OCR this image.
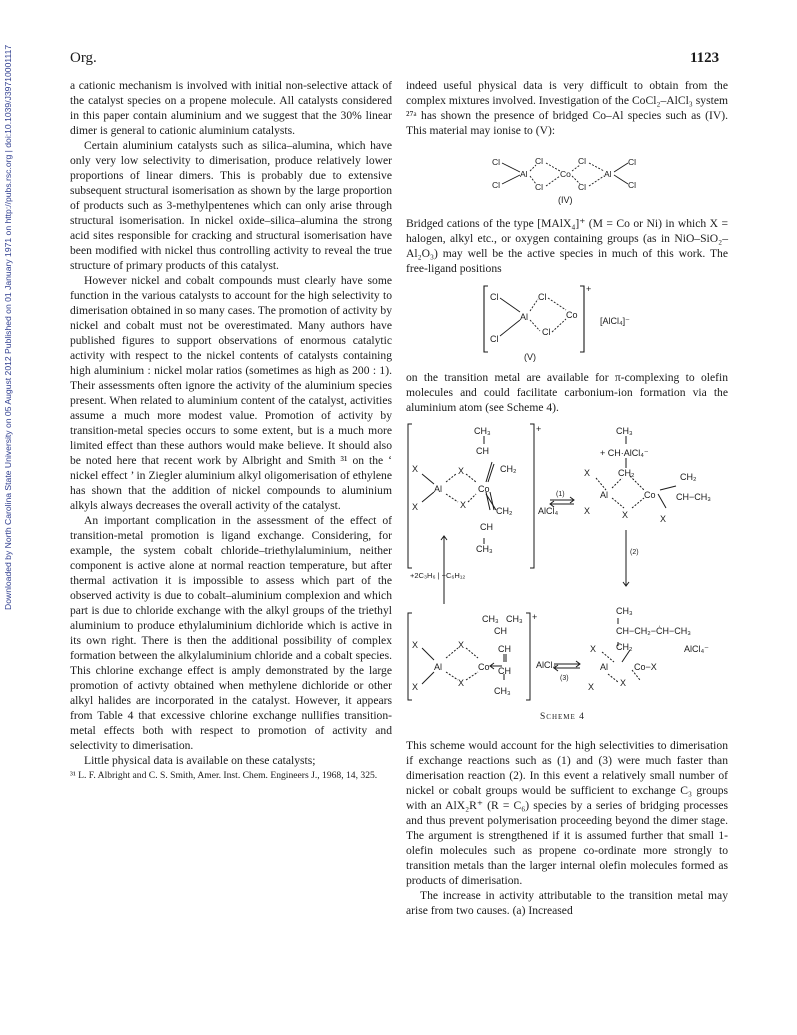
Org.	1123
Downloaded by North Carolina State University on 05 August 2012 Published on 01 January 1971 on http://pubs.rsc.org | doi:10.1039/J39710001117	a cationic mechanism is involved with initial non-selective attack of the catalyst species on a propene molecule. All catalysts considered in this paper contain aluminium and we suggest that the 30% linear dimer is general to cationic aluminium catalysts.

Certain aluminium catalysts such as silica–alumina, which have only very low selectivity to dimerisation, produce relatively lower proportions of linear dimers. This is probably due to extensive subsequent structural isomerisation as shown by the large proportion of products such as 3-methylpentenes which can only arise through structural isomerisation. In nickel oxide–silica–alumina the strong acid sites responsible for cracking and structural isomerisation have been modified with nickel thus controlling activity to reveal the true structure of primary products of this catalyst.

However nickel and cobalt compounds must clearly have some function in the various catalysts to account for the high selectivity to dimerisation obtained in so many cases. The promotion of activity by nickel and cobalt must not be overestimated. Many authors have published figures to support observations of enormous catalytic activity with respect to the nickel contents of catalysts containing high aluminium : nickel molar ratios (sometimes as high as 200 : 1). Their assessments often ignore the activity of the aluminium species present. When related to aluminium content of the catalyst, activities assume a much more modest value. Promotion of activity by transition-metal species occurs to some extent, but is a much more limited effect than these authors would make believe. It should also be noted here that recent work by Albright and Smith ³¹ on the ‘ nickel effect ’ in Ziegler aluminium alkyl oligomerisation of ethylene has shown that the addition of nickel compounds to aluminium alkyls always decreases the overall activity of the catalyst.

An important complication in the assessment of the effect of transition-metal promotion is ligand exchange. Considering, for example, the system cobalt chloride–triethylaluminium, neither component is active alone at normal reaction temperature, but after thermal activation it is impossible to assess which part of the observed activity is due to cobalt–aluminium complexion and which part is due to chloride exchange with the alkyl groups of the triethyl aluminium to produce ethylaluminium dichloride which is active in its own right. There is then the additional possibility of complex formation between the alkylaluminium chloride and a cobalt species. This chlorine exchange effect is amply demonstrated by the large promotion of activty obtained when methylene dichloride or other alkyl halides are incorporated in the catalyst. However, it appears from Table 4 that excessive chlorine exchange nullifies transition-metal effects both with respect to promotion of activity and selectivity to dimerisation.

Little physical data is available on these catalysts;

³¹ L. F. Albright and C. S. Smith, Amer. Inst. Chem. Engineers J., 1968, 14, 325.

indeed useful physical data is very difficult to obtain from the complex mixtures involved. Investigation of the CoCl₂–AlCl₃ system ²⁷ᵃ has shown the presence of bridged Co–Al species such as (IV). This material may ionise to (V):

Cl
Cl
Al
Cl
Cl
Co
Cl
Cl
Al
Cl
Cl
(IV)

Bridged cations of the type [MAlX₄]⁺ (M = Co or Ni) in which X = halogen, alkyl etc., or oxygen containing groups (as in NiO–SiO₂–Al₂O₃) may well be the active species in much of this work. The free-ligand positions

Cl
Cl
Al
Cl
Cl
Co
+
[AlCl₄]⁻
(V)

on the transition metal are available for π-complexing to olefin molecules and could facilitate carbonium-ion formation via the aluminium atom (see Scheme 4).

CH₃
CH
CH₂
+
X
X
Al
X
X
Co
CH₂
CH
CH₃
AlCl₄
(1)
CH₃
+ CH·AlCl₄⁻
CH₂
X
X
Al
X
Co
X
CH₂
CH−CH₃
(2)
+2C₃H₆ | −C₆H₁₂
CH₃ CH₃
CH
+
X
X
Al
X
X
Co
CH
CH
CH₃
AlCl₄
(3)
CH₃
CH−CH₂−ĊH−CH₃
AlCl₄⁻
CH₂
X
Al	Co−X
X	X
Scheme 4

This scheme would account for the high selectivities to dimerisation if exchange reactions such as (1) and (3) were much faster than dimerisation reaction (2). In this event a relatively small number of nickel or cobalt groups would be sufficient to exchange C₃ groups with an AlX₂R⁺ (R = C₆) species by a series of bridging processes and thus prevent polymerisation proceeding beyond the dimer stage. The argument is strengthened if it is assumed further that small 1-olefin molecules such as propene co-ordinate more strongly to transition metals than the larger internal olefin molecules formed as products of dimerisation.

The increase in activity attributable to the transition metal may arise from two causes. (a) Increased
